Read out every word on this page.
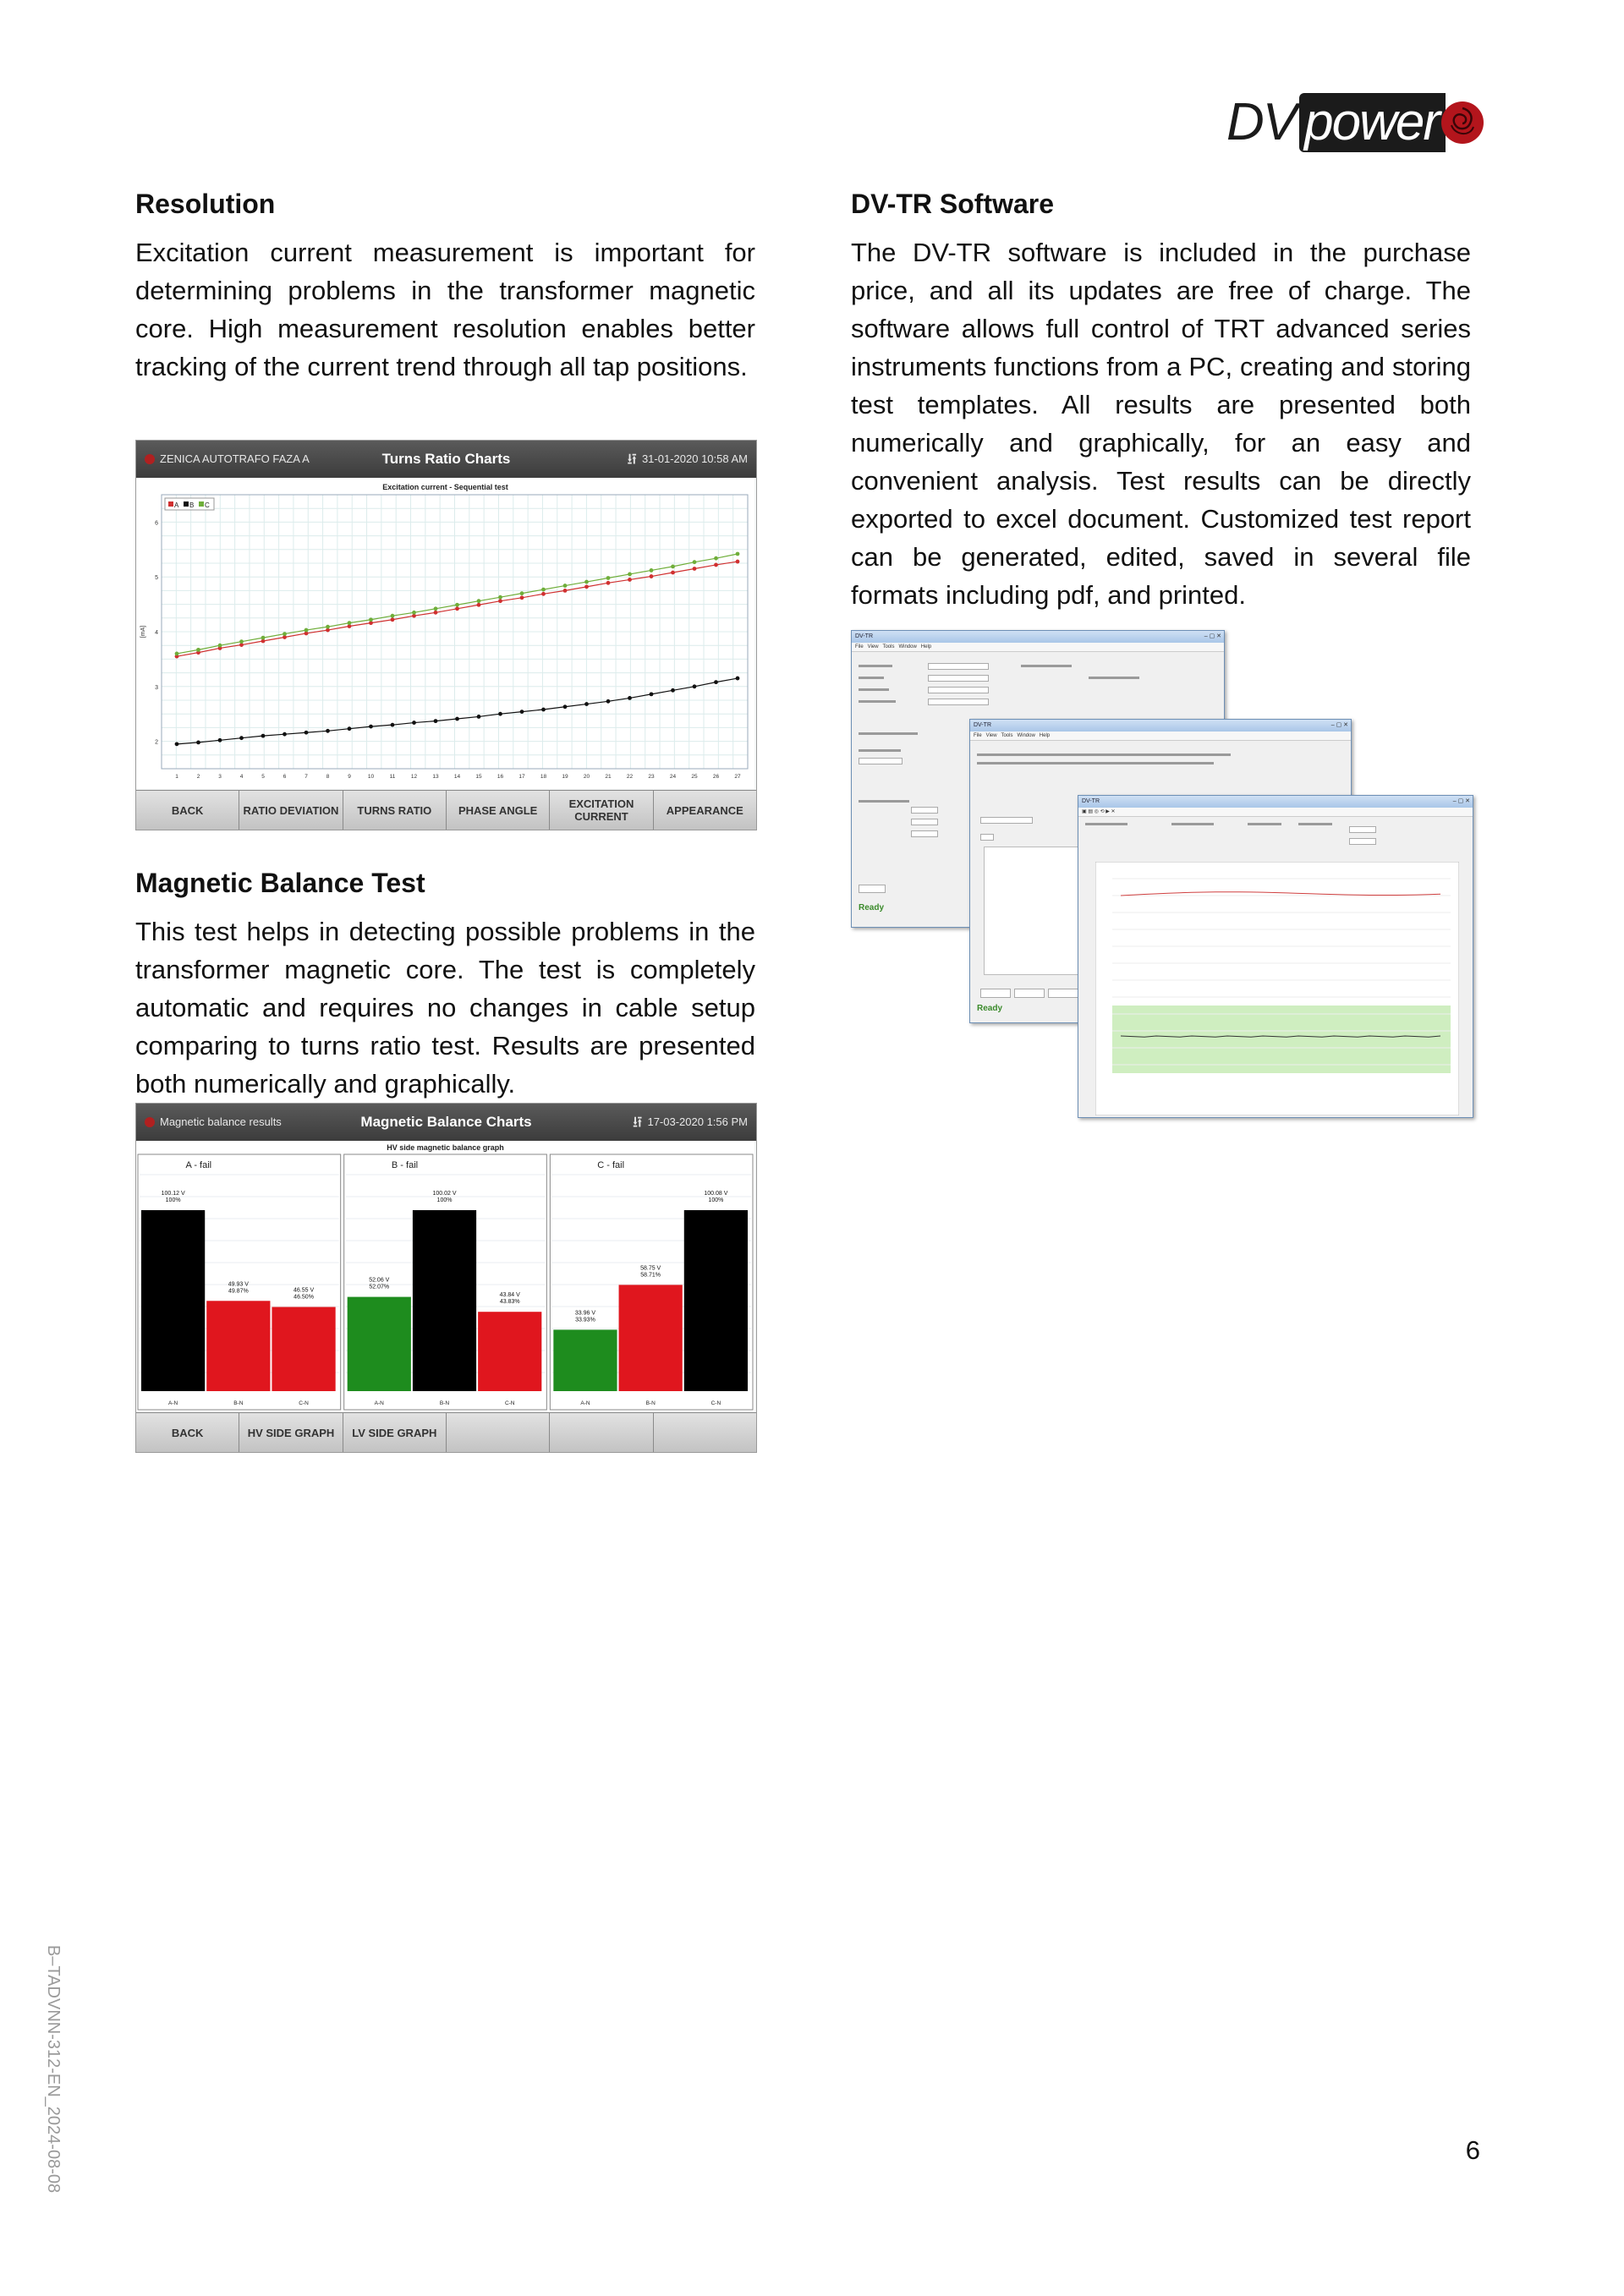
DV power
Resolution

Excitation current measurement is important for determining problems in the transformer magnetic core. High measurement resolution enables better tracking of the current trend through all tap positions.

ZENICA AUTOTRAFO FAZA A	Turns Ratio Charts	⭿ 31-01-2020 10:58 AM
Excitation current - Sequential test
2
3
4
5
6
[mA]
1	2	3	4	5	6	7	8	9	10	11	12	13	14	15	16	17	18	19	20	21	22	23	24	25	26	27
A B C
BACK	RATIO DEVIATION	TURNS RATIO	PHASE ANGLE	EXCITATION CURRENT	APPEARANCE
Magnetic Balance Test

This test helps in detecting possible problems in the transformer magnetic core. The test is completely automatic and requires no changes in cable setup comparing to turns ratio test. Results are presented both numerically and graphically.

Magnetic balance results	Magnetic Balance Charts	⭿ 17-03-2020 1:56 PM
HV side magnetic balance graph
A - fail
100.12 V
100%
A-N
49.93 V
49.87%
B-N
46.55 V
46.50%
C-N
B - fail
52.06 V
52.07%
A-N
100.02 V
100%
B-N
43.84 V
43.83%
C-N
C - fail
33.96 V
33.93%
A-N
58.75 V
58.71%
B-N
100.08 V
100%
C-N
BACK	HV SIDE GRAPH	LV SIDE GRAPH
DV-TR Software

The DV-TR software is included in the purchase price, and all its updates are free of charge. The software allows full control of TRT advanced series instruments functions from a PC, creating and storing test templates. All results are presented both numerically and graphically, for an easy and convenient analysis. Test results can be directly exported to excel document. Customized test report can be generated, edited, saved in several file formats including pdf, and printed.

DV-TR	– ▢ ✕
File   View   Tools   Window   Help
Ready
DV-TR	– ▢ ✕
File   View   Tools   Window   Help
Ready
DV-TR	– ▢ ✕
▣ ▤ ◎ ⟲ ▶ ✕
B–TADVNN-312-EN_2024-08-08	6
